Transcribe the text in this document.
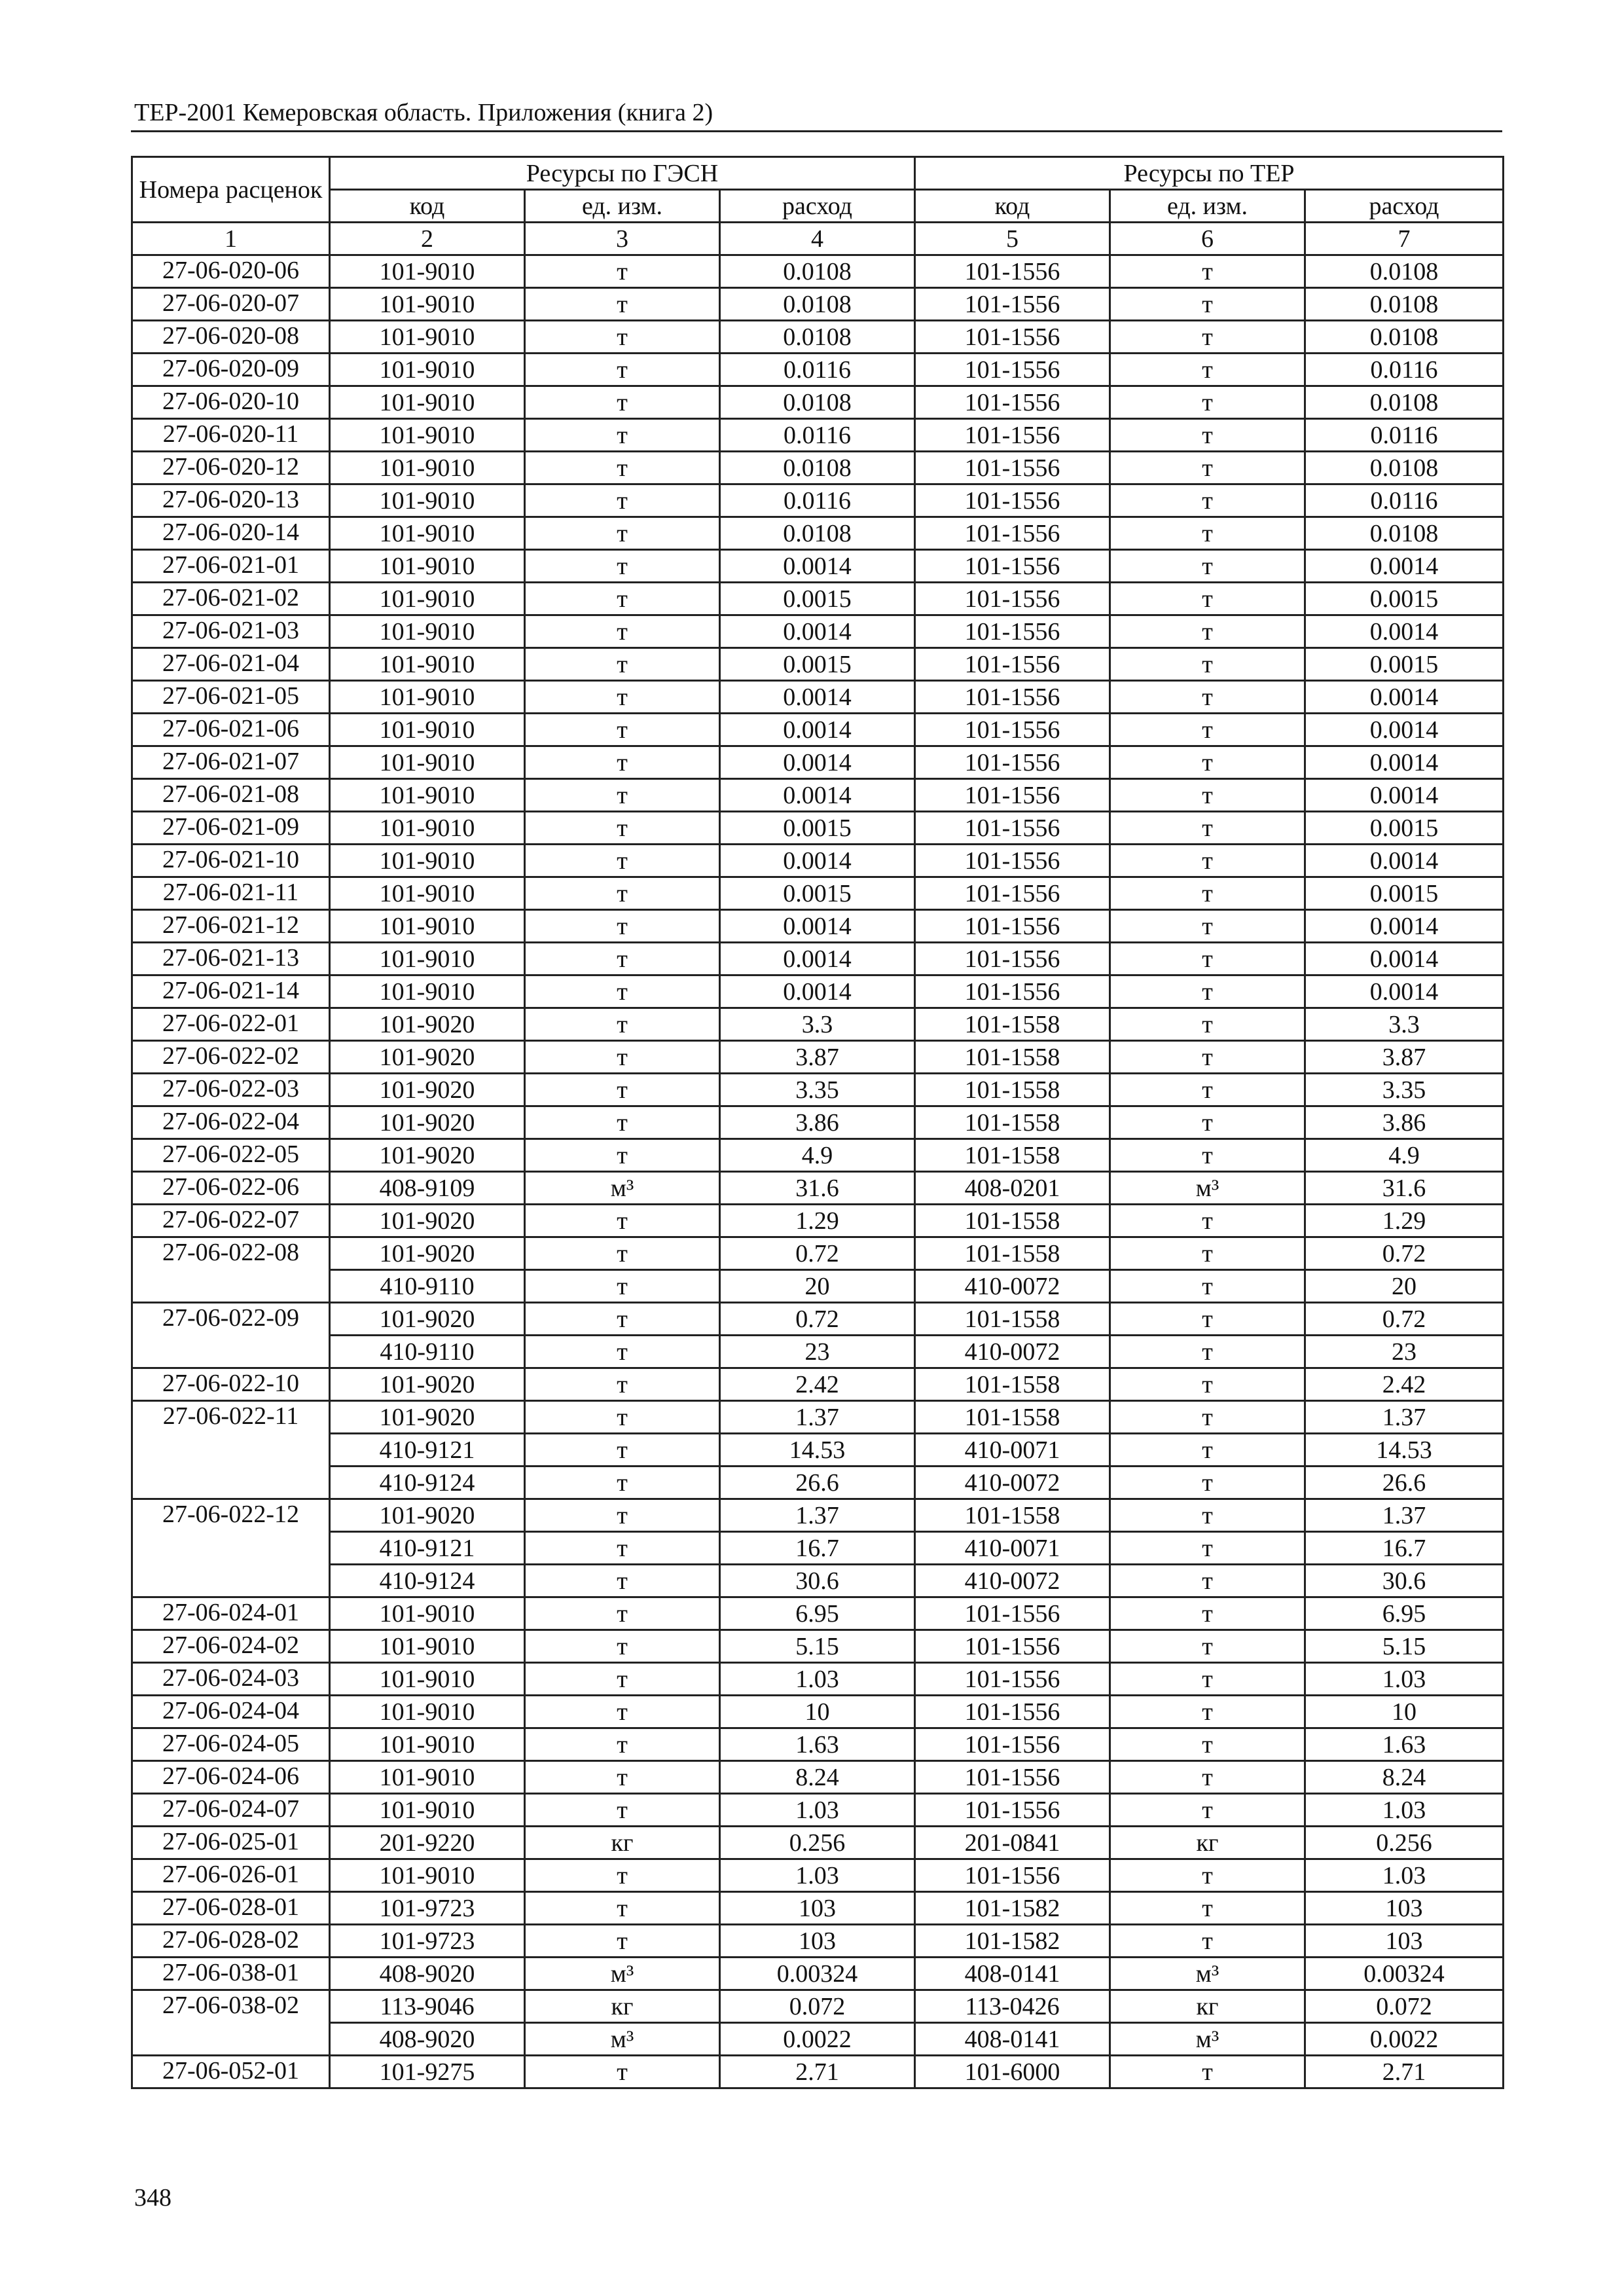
ТЕР-2001 Кемеровская область. Приложения (книга 2)
Номера расценок	Ресурсы по ГЭСН			Ресурсы по ТЕР		
	код	ед. изм.	расход	код	ед. изм.	расход
1	2	3	4	5	6	7
27-06-020-06	101-9010	т	0.0108	101-1556	т	0.0108
27-06-020-07	101-9010	т	0.0108	101-1556	т	0.0108
27-06-020-08	101-9010	т	0.0108	101-1556	т	0.0108
27-06-020-09	101-9010	т	0.0116	101-1556	т	0.0116
27-06-020-10	101-9010	т	0.0108	101-1556	т	0.0108
27-06-020-11	101-9010	т	0.0116	101-1556	т	0.0116
27-06-020-12	101-9010	т	0.0108	101-1556	т	0.0108
27-06-020-13	101-9010	т	0.0116	101-1556	т	0.0116
27-06-020-14	101-9010	т	0.0108	101-1556	т	0.0108
27-06-021-01	101-9010	т	0.0014	101-1556	т	0.0014
27-06-021-02	101-9010	т	0.0015	101-1556	т	0.0015
27-06-021-03	101-9010	т	0.0014	101-1556	т	0.0014
27-06-021-04	101-9010	т	0.0015	101-1556	т	0.0015
27-06-021-05	101-9010	т	0.0014	101-1556	т	0.0014
27-06-021-06	101-9010	т	0.0014	101-1556	т	0.0014
27-06-021-07	101-9010	т	0.0014	101-1556	т	0.0014
27-06-021-08	101-9010	т	0.0014	101-1556	т	0.0014
27-06-021-09	101-9010	т	0.0015	101-1556	т	0.0015
27-06-021-10	101-9010	т	0.0014	101-1556	т	0.0014
27-06-021-11	101-9010	т	0.0015	101-1556	т	0.0015
27-06-021-12	101-9010	т	0.0014	101-1556	т	0.0014
27-06-021-13	101-9010	т	0.0014	101-1556	т	0.0014
27-06-021-14	101-9010	т	0.0014	101-1556	т	0.0014
27-06-022-01	101-9020	т	3.3	101-1558	т	3.3
27-06-022-02	101-9020	т	3.87	101-1558	т	3.87
27-06-022-03	101-9020	т	3.35	101-1558	т	3.35
27-06-022-04	101-9020	т	3.86	101-1558	т	3.86
27-06-022-05	101-9020	т	4.9	101-1558	т	4.9
27-06-022-06	408-9109	м³	31.6	408-0201	м³	31.6
27-06-022-07	101-9020	т	1.29	101-1558	т	1.29
27-06-022-08	101-9020	т	0.72	101-1558	т	0.72
	410-9110	т	20	410-0072	т	20
27-06-022-09	101-9020	т	0.72	101-1558	т	0.72
	410-9110	т	23	410-0072	т	23
27-06-022-10	101-9020	т	2.42	101-1558	т	2.42
27-06-022-11	101-9020	т	1.37	101-1558	т	1.37
	410-9121	т	14.53	410-0071	т	14.53
	410-9124	т	26.6	410-0072	т	26.6
27-06-022-12	101-9020	т	1.37	101-1558	т	1.37
	410-9121	т	16.7	410-0071	т	16.7
	410-9124	т	30.6	410-0072	т	30.6
27-06-024-01	101-9010	т	6.95	101-1556	т	6.95
27-06-024-02	101-9010	т	5.15	101-1556	т	5.15
27-06-024-03	101-9010	т	1.03	101-1556	т	1.03
27-06-024-04	101-9010	т	10	101-1556	т	10
27-06-024-05	101-9010	т	1.63	101-1556	т	1.63
27-06-024-06	101-9010	т	8.24	101-1556	т	8.24
27-06-024-07	101-9010	т	1.03	101-1556	т	1.03
27-06-025-01	201-9220	кг	0.256	201-0841	кг	0.256
27-06-026-01	101-9010	т	1.03	101-1556	т	1.03
27-06-028-01	101-9723	т	103	101-1582	т	103
27-06-028-02	101-9723	т	103	101-1582	т	103
27-06-038-01	408-9020	м³	0.00324	408-0141	м³	0.00324
27-06-038-02	113-9046	кг	0.072	113-0426	кг	0.072
	408-9020	м³	0.0022	408-0141	м³	0.0022
27-06-052-01	101-9275	т	2.71	101-6000	т	2.71
348
